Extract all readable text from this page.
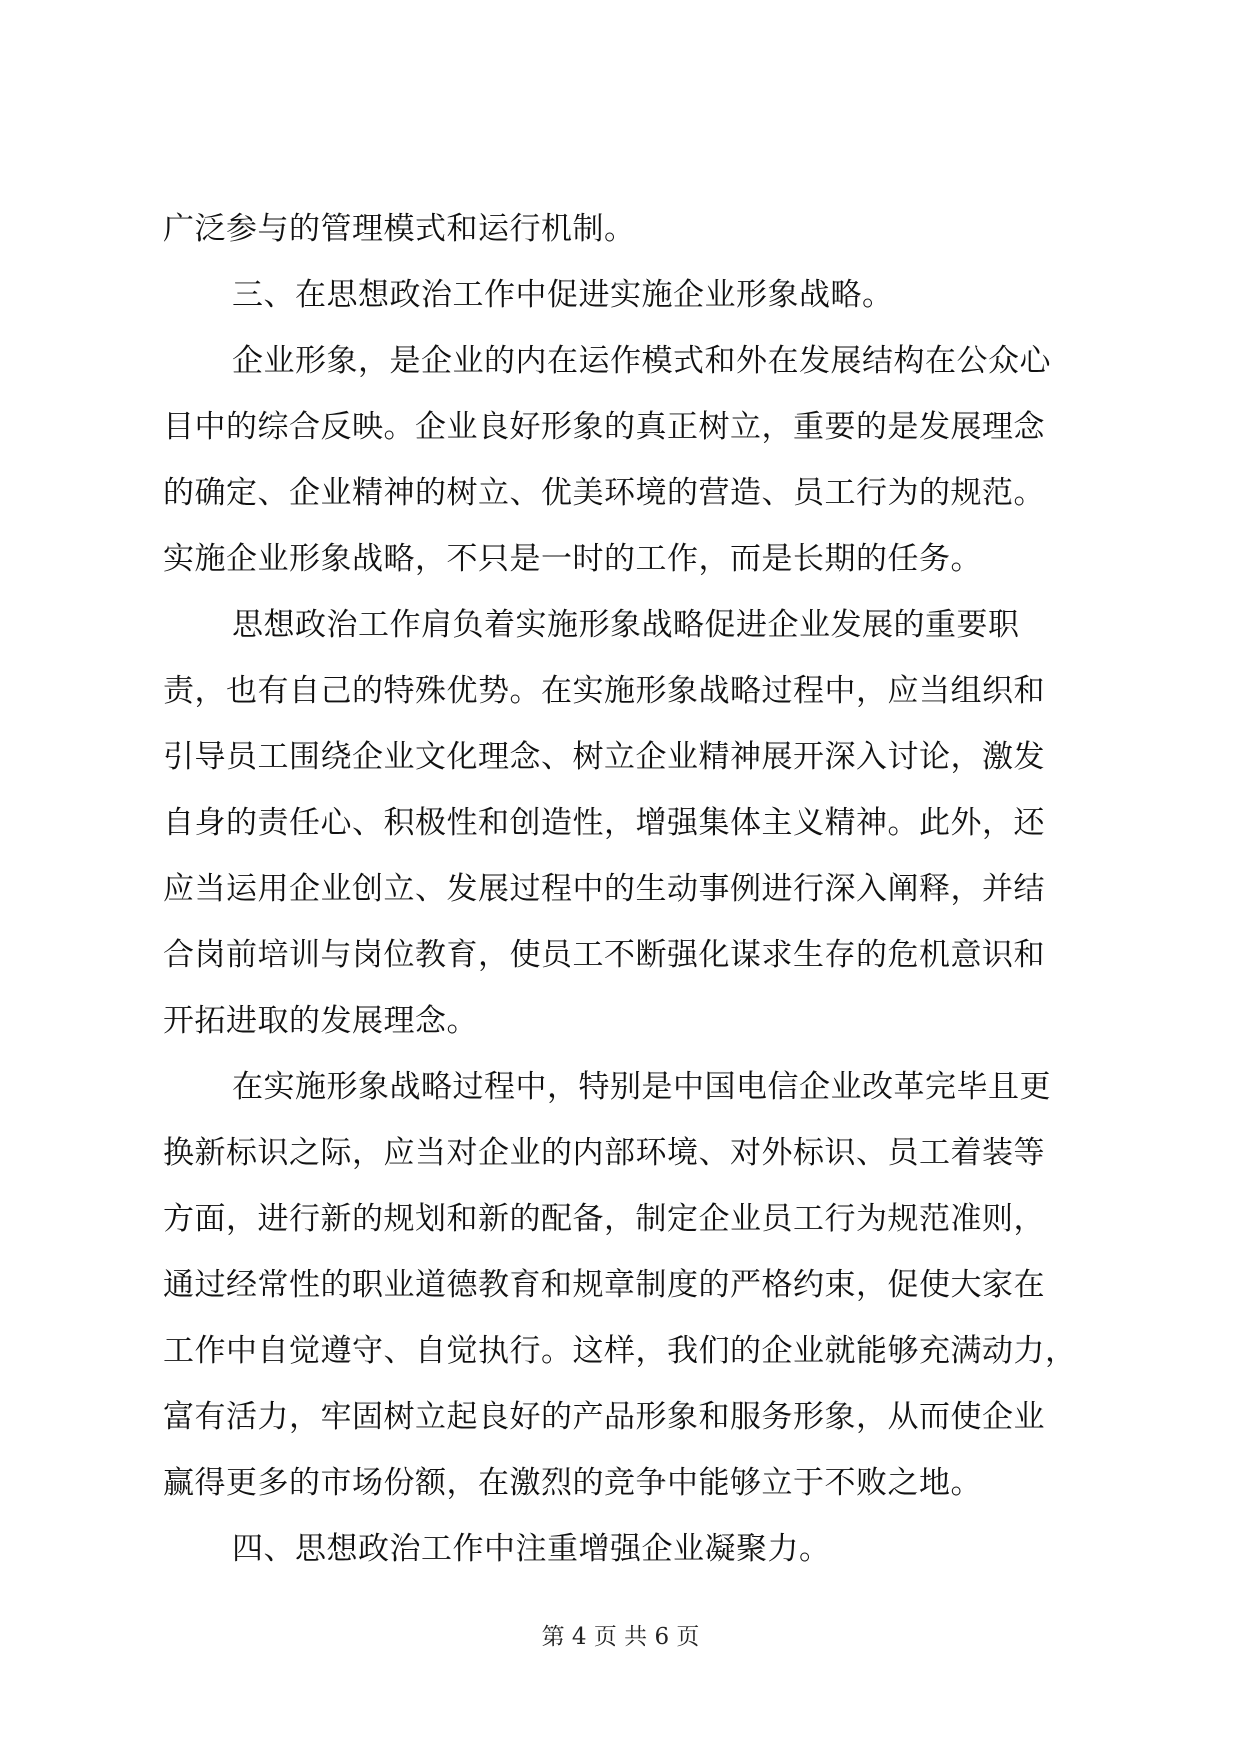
广泛参与的管理模式和运行机制。

三、在思想政治工作中促进实施企业形象战略。

企业形象，是企业的内在运作模式和外在发展结构在公众心

目中的综合反映。企业良好形象的真正树立，重要的是发展理念

的确定、企业精神的树立、优美环境的营造、员工行为的规范。

实施企业形象战略，不只是一时的工作，而是长期的任务。

思想政治工作肩负着实施形象战略促进企业发展的重要职

责，也有自己的特殊优势。在实施形象战略过程中，应当组织和

引导员工围绕企业文化理念、树立企业精神展开深入讨论，激发

自身的责任心、积极性和创造性，增强集体主义精神。此外，还

应当运用企业创立、发展过程中的生动事例进行深入阐释，并结

合岗前培训与岗位教育，使员工不断强化谋求生存的危机意识和

开拓进取的发展理念。

在实施形象战略过程中，特别是中国电信企业改革完毕且更

换新标识之际，应当对企业的内部环境、对外标识、员工着装等

方面，进行新的规划和新的配备，制定企业员工行为规范准则，

通过经常性的职业道德教育和规章制度的严格约束，促使大家在

工作中自觉遵守、自觉执行。这样，我们的企业就能够充满动力，

富有活力，牢固树立起良好的产品形象和服务形象，从而使企业

赢得更多的市场份额，在激烈的竞争中能够立于不败之地。

四、思想政治工作中注重增强企业凝聚力。

第 4 页 共 6 页
